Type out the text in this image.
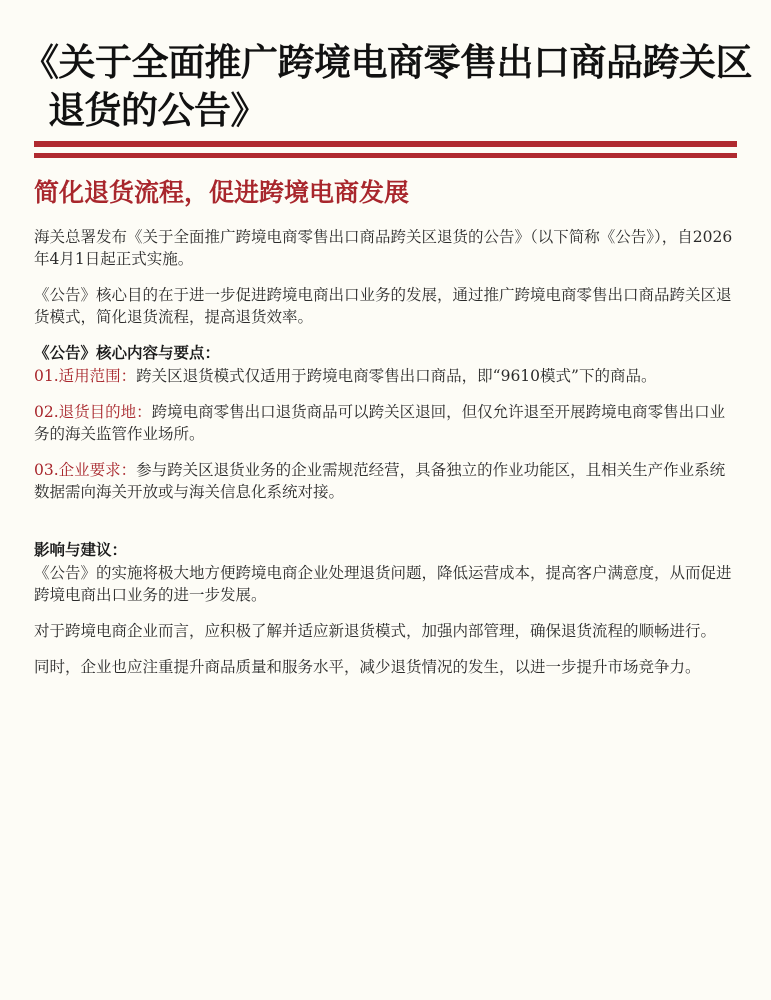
《关于全面推广跨境电商零售出口商品跨关区
退货的公告》
简化退货流程，促进跨境电商发展

海关总署发布《关于全面推广跨境电商零售出口商品跨关区退货的公告》（以下简称《公告》），自2026年4月1日起正式实施。

《公告》核心目的在于进一步促进跨境电商出口业务的发展，通过推广跨境电商零售出口商品跨关区退货模式，简化退货流程，提高退货效率。

《公告》核心内容与要点：

01.适用范围：跨关区退货模式仅适用于跨境电商零售出口商品，即“9610模式”下的商品。
02.退货目的地：跨境电商零售出口退货商品可以跨关区退回，但仅允许退至开展跨境电商零售出口业务的海关监管作业场所。
03.企业要求：参与跨关区退货业务的企业需规范经营，具备独立的作业功能区，且相关生产作业系统数据需向海关开放或与海关信息化系统对接。

影响与建议：

《公告》的实施将极大地方便跨境电商企业处理退货问题，降低运营成本，提高客户满意度，从而促进跨境电商出口业务的进一步发展。

对于跨境电商企业而言，应积极了解并适应新退货模式，加强内部管理，确保退货流程的顺畅进行。

同时，企业也应注重提升商品质量和服务水平，减少退货情况的发生，以进一步提升市场竞争力。
